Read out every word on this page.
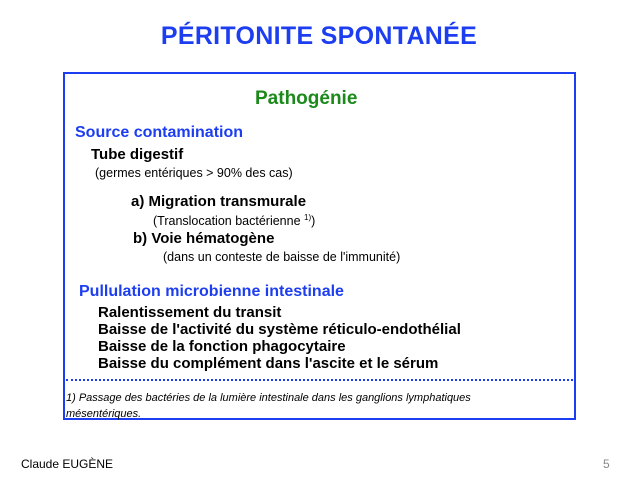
PÉRITONITE SPONTANÉE
Pathogénie
Source contamination
Tube digestif
(germes entériques > 90% des cas)
a) Migration transmurale
(Translocation bactérienne $^{1)}$)
b) Voie hématogène
(dans un conteste de baisse de l'immunité)
Pullulation microbienne intestinale
Ralentissement du transit
Baisse de l'activité du système réticulo-endothélial
Baisse de la fonction phagocytaire
Baisse du complément dans l'ascite et le sérum
1) Passage des bactéries de la lumière intestinale dans les ganglions lymphatiques
mésentériques.
Claude EUGÈNE	5
